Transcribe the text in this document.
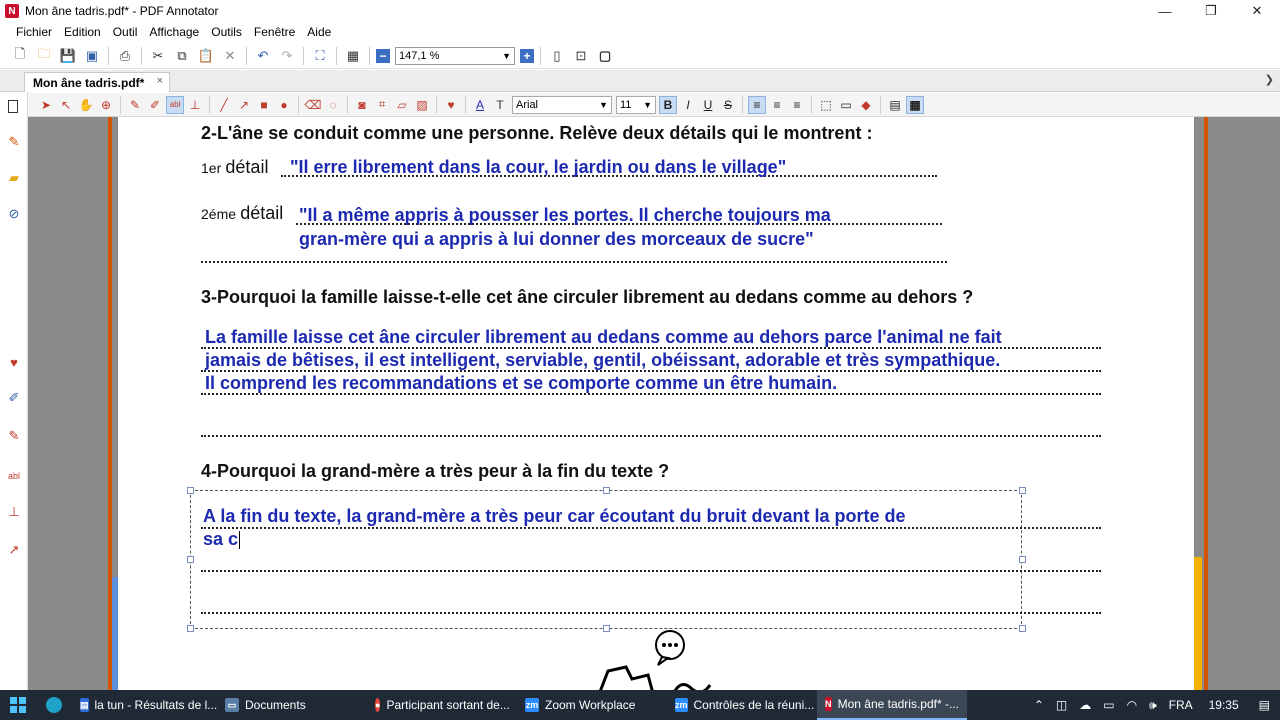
N Mon âne tadris.pdf* - PDF Annotator	—	❐	✕
Fichier	Edition	Outil	Affichage	Outils	Fenêtre	Aide
🗋 🗀 💾 ▣	⎙	✂	⧉ 📋 ✕	↶	↷	⛶	▦	−	147,1 %	▼ +	▯	⊡ ▢
Mon âne tadris.pdf* ×	❯
✎
▰
⊘
♥
✐
✎
abl
⊥
↗
➤ ↖ ✋ ⊕	✎ ✐	abl ⊥	╱ ↗ ■	●	⌫ ◌	◙	⌗	▱ ▨	♥	A	T	Arial	▼ 11 ▼ B	I	U S	≡	≡	≡	⬚ ▭ ◆	▤ ▦
2-L'âne se conduit comme une personne. Relève deux détails qui le montrent :
1er détail "Il erre librement dans la cour, le jardin ou dans le village"
2éme détail "Il a même appris à pousser les portes. Il cherche toujours ma
gran-mère qui a appris à lui donner des morceaux de sucre"
3-Pourquoi la famille laisse-t-elle cet âne circuler librement au dedans comme au dehors ?
La famille laisse cet âne circuler librement au dedans comme au dehors parce l'animal ne fait
jamais de bêtises, il est intelligent, serviable, gentil, obéissant, adorable et très sympathique.
Il comprend les recommandations et se comporte comme un être humain.
4-Pourquoi la grand-mère a très peur à la fin du texte ?
A la fin du texte, la grand-mère a très peur car écoutant du bruit devant la porte de
sa c
▤ la tun - Résultats de l...	▭ Documents	● Participant sortant de... zm Zoom Workplace	zm Contrôles de la réuni... N Mon âne tadris.pdf* -...	⌃ ◫ ☁ ▭ ◠ 🕪 FRA 19:35 ▤
